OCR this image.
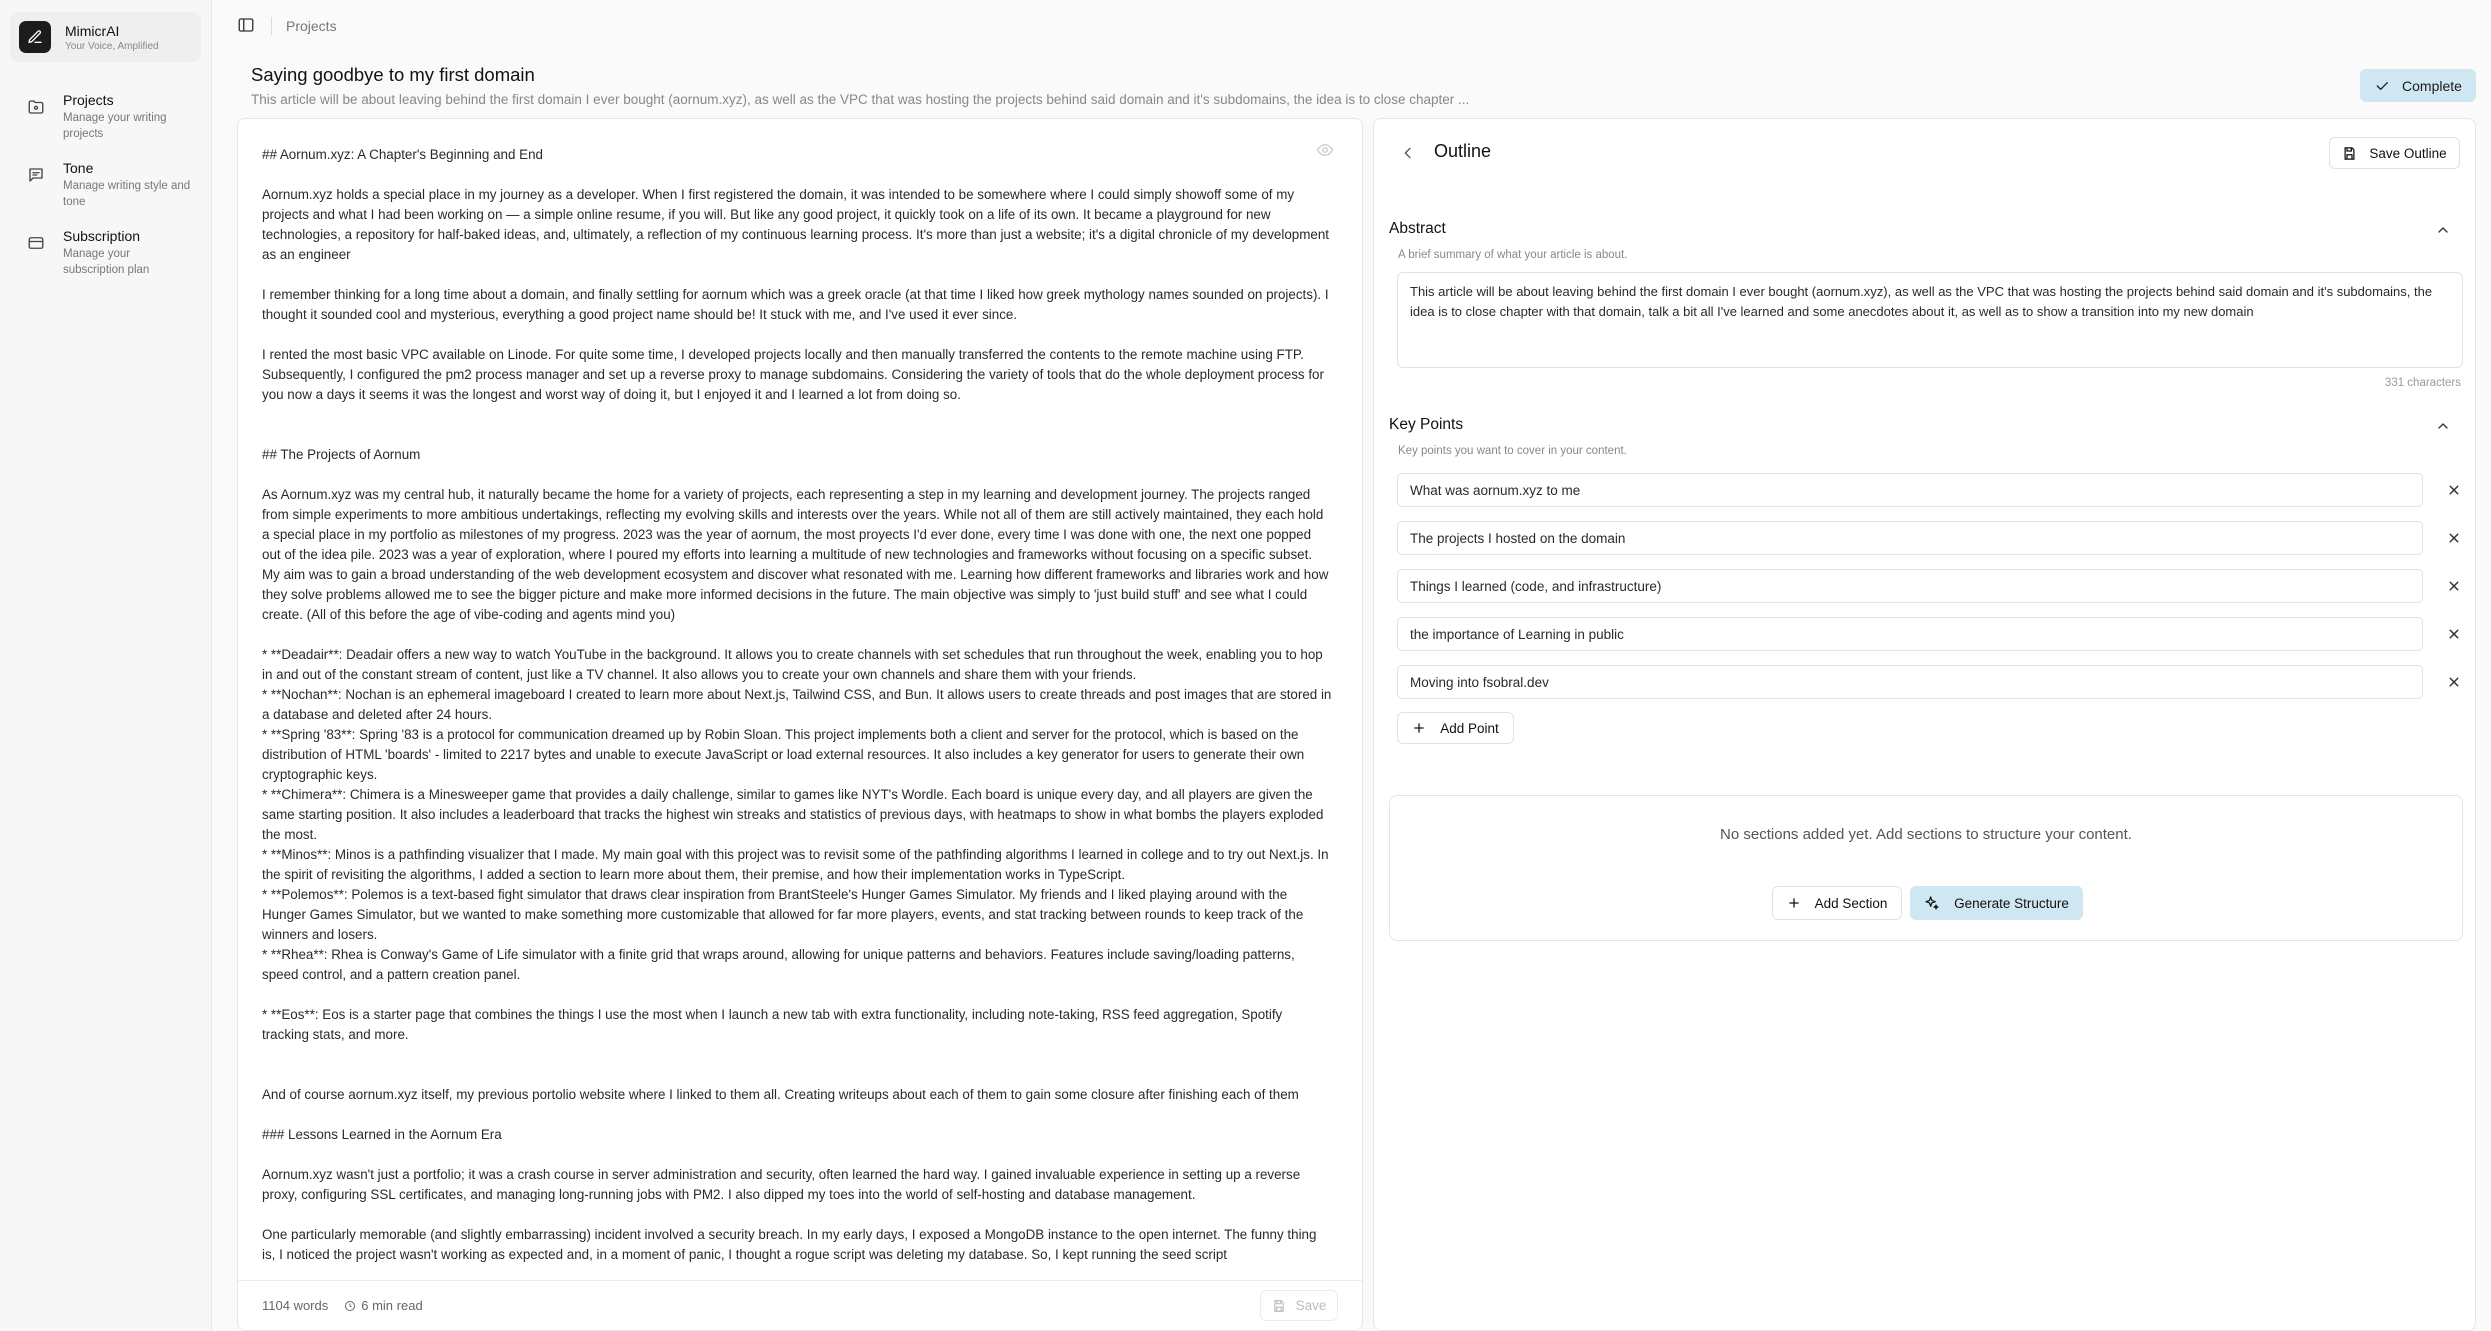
MimicrAI
Your Voice, Amplified
Projects
Manage your writing projects
Tone
Manage writing style and tone
Subscription
Manage your subscription plan
Projects
Saying goodbye to my first domain
This article will be about leaving behind the first domain I ever bought (aornum.xyz), as well as the VPC that was hosting the projects behind said domain and it's subdomains, the idea is to close chapter ...
Complete

## Aornum.xyz: A Chapter's Beginning and End

Aornum.xyz holds a special place in my journey as a developer. When I first registered the domain, it was intended to be somewhere where I could simply showoff some of my projects and what I had been working on — a simple online resume, if you will. But like any good project, it quickly took on a life of its own. It became a playground for new technologies, a repository for half-baked ideas, and, ultimately, a reflection of my continuous learning process. It's more than just a website; it's a digital chronicle of my development as an engineer

I remember thinking for a long time about a domain, and finally settling for aornum which was a greek oracle (at that time I liked how greek mythology names sounded on projects). I thought it sounded cool and mysterious, everything a good project name should be! It stuck with me, and I've used it ever since.

I rented the most basic VPC available on Linode. For quite some time, I developed projects locally and then manually transferred the contents to the remote machine using FTP. Subsequently, I configured the pm2 process manager and set up a reverse proxy to manage subdomains. Considering the variety of tools that do the whole deployment process for you now a days it seems it was the longest and worst way of doing it, but I enjoyed it and I learned a lot from doing so.

## The Projects of Aornum

As Aornum.xyz was my central hub, it naturally became the home for a variety of projects, each representing a step in my learning and development journey. The projects ranged from simple experiments to more ambitious undertakings, reflecting my evolving skills and interests over the years. While not all of them are still actively maintained, they each hold a special place in my portfolio as milestones of my progress. 2023 was the year of aornum, the most proyects I'd ever done, every time I was done with one, the next one popped out of the idea pile. 2023 was a year of exploration, where I poured my efforts into learning a multitude of new technologies and frameworks without focusing on a specific subset. My aim was to gain a broad understanding of the web development ecosystem and discover what resonated with me. Learning how different frameworks and libraries work and how they solve problems allowed me to see the bigger picture and make more informed decisions in the future. The main objective was simply to 'just build stuff' and see what I could create. (All of this before the age of vibe-coding and agents mind you)

* **Deadair**: Deadair offers a new way to watch YouTube in the background. It allows you to create channels with set schedules that run throughout the week, enabling you to hop in and out of the constant stream of content, just like a TV channel. It also allows you to create your own channels and share them with your friends.

* **Nochan**: Nochan is an ephemeral imageboard I created to learn more about Next.js, Tailwind CSS, and Bun. It allows users to create threads and post images that are stored in a database and deleted after 24 hours.

* **Spring '83**: Spring '83 is a protocol for communication dreamed up by Robin Sloan. This project implements both a client and server for the protocol, which is based on the distribution of HTML 'boards' - limited to 2217 bytes and unable to execute JavaScript or load external resources. It also includes a key generator for users to generate their own cryptographic keys.

* **Chimera**: Chimera is a Minesweeper game that provides a daily challenge, similar to games like NYT's Wordle. Each board is unique every day, and all players are given the same starting position. It also includes a leaderboard that tracks the highest win streaks and statistics of previous days, with heatmaps to show in what bombs the players exploded the most.

* **Minos**: Minos is a pathfinding visualizer that I made. My main goal with this project was to revisit some of the pathfinding algorithms I learned in college and to try out Next.js. In the spirit of revisiting the algorithms, I added a section to learn more about them, their premise, and how their implementation works in TypeScript.

* **Polemos**: Polemos is a text-based fight simulator that draws clear inspiration from BrantSteele's Hunger Games Simulator. My friends and I liked playing around with the Hunger Games Simulator, but we wanted to make something more customizable that allowed for far more players, events, and stat tracking between rounds to keep track of the winners and losers.

* **Rhea**: Rhea is Conway's Game of Life simulator with a finite grid that wraps around, allowing for unique patterns and behaviors. Features include saving/loading patterns, speed control, and a pattern creation panel.

* **Eos**: Eos is a starter page that combines the things I use the most when I launch a new tab with extra functionality, including note-taking, RSS feed aggregation, Spotify tracking stats, and more.

And of course aornum.xyz itself, my previous portolio website where I linked to them all. Creating writeups about each of them to gain some closure after finishing each of them

### Lessons Learned in the Aornum Era

Aornum.xyz wasn't just a portfolio; it was a crash course in server administration and security, often learned the hard way. I gained invaluable experience in setting up a reverse proxy, configuring SSL certificates, and managing long-running jobs with PM2. I also dipped my toes into the world of self-hosting and database management.

One particularly memorable (and slightly embarrassing) incident involved a security breach. In my early days, I exposed a MongoDB instance to the open internet. The funny thing is, I noticed the project wasn't working as expected and, in a moment of panic, I thought a rogue script was deleting my database. So, I kept running the seed script

1104 words	6 min read	Save
Outline	Save Outline
Abstract
A brief summary of what your article is about.
This article will be about leaving behind the first domain I ever bought (aornum.xyz), as well as the VPC that was hosting the projects behind said domain and it's subdomains, the idea is to close chapter with that domain, talk a bit all I've learned and some anecdotes about it, as well as to show a transition into my new domain
331 characters
Key Points
Key points you want to cover in your content.
What was aornum.xyz to me
The projects I hosted on the domain
Things I learned (code, and infrastructure)
the importance of Learning in public
Moving into fsobral.dev
Add Point
No sections added yet. Add sections to structure your content.
Add Section	Generate Structure
